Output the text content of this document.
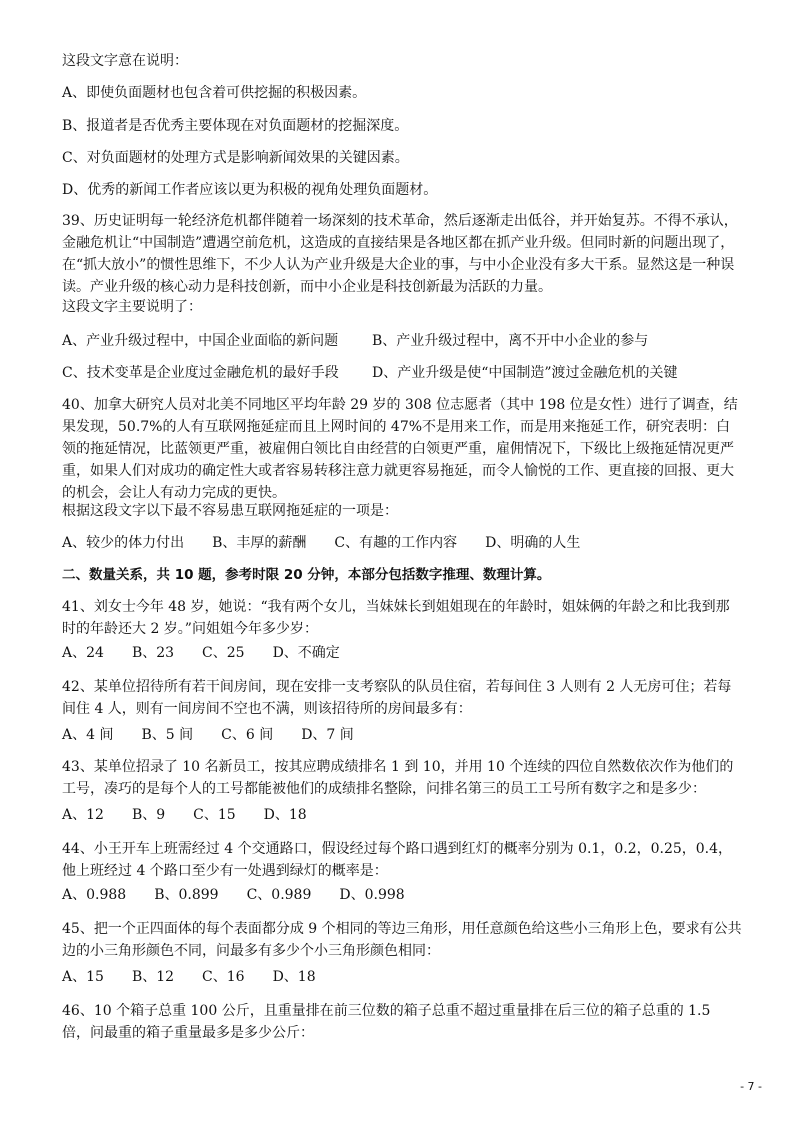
这段文字意在说明：

A、即使负面题材也包含着可供挖掘的积极因素。

B、报道者是否优秀主要体现在对负面题材的挖掘深度。

C、对负面题材的处理方式是影响新闻效果的关键因素。

D、优秀的新闻工作者应该以更为积极的视角处理负面题材。

39、历史证明每一轮经济危机都伴随着一场深刻的技术革命，然后逐渐走出低谷，并开始复苏。不得不承认，金融危机让“中国制造”遭遇空前危机，这造成的直接结果是各地区都在抓产业升级。但同时新的问题出现了，在“抓大放小”的惯性思维下，不少人认为产业升级是大企业的事，与中小企业没有多大干系。显然这是一种误读。产业升级的核心动力是科技创新，而中小企业是科技创新最为活跃的力量。

这段文字主要说明了：

A、产业升级过程中，中国企业面临的新问题	B、产业升级过程中，离不开中小企业的参与
C、技术变革是企业度过金融危机的最好手段	D、产业升级是使“中国制造”渡过金融危机的关键

40、加拿大研究人员对北美不同地区平均年龄 29 岁的 308 位志愿者（其中 198 位是女性）进行了调查，结果发现，50.7%的人有互联网拖延症而且上网时间的 47%不是用来工作，而是用来拖延工作，研究表明：白领的拖延情况，比蓝领更严重，被雇佣白领比自由经营的白领更严重，雇佣情况下，下级比上级拖延情况更严重，如果人们对成功的确定性大或者容易转移注意力就更容易拖延，而令人愉悦的工作、更直接的回报、更大的机会，会让人有动力完成的更快。

根据这段文字以下最不容易患互联网拖延症的一项是：

A、较少的体力付出 B、丰厚的薪酬 C、有趣的工作内容 D、明确的人生

二、数量关系，共 10 题，参考时限 20 分钟，本部分包括数字推理、数理计算。

41、刘女士今年 48 岁，她说：“我有两个女儿，当妹妹长到姐姐现在的年龄时，姐妹俩的年龄之和比我到那时的年龄还大 2 岁。”问姐姐今年多少岁：

A、24 B、23 C、25 D、不确定

42、某单位招待所有若干间房间，现在安排一支考察队的队员住宿，若每间住 3 人则有 2 人无房可住；若每间住 4 人，则有一间房间不空也不满，则该招待所的房间最多有：

A、4 间 B、5 间 C、6 间 D、7 间

43、某单位招录了 10 名新员工，按其应聘成绩排名 1 到 10，并用 10 个连续的四位自然数依次作为他们的工号，凑巧的是每个人的工号都能被他们的成绩排名整除，问排名第三的员工工号所有数字之和是多少：

A、12 B、9 C、15 D、18

44、小王开车上班需经过 4 个交通路口，假设经过每个路口遇到红灯的概率分别为 0.1，0.2，0.25，0.4，他上班经过 4 个路口至少有一处遇到绿灯的概率是：

A、0.988 B、0.899 C、0.989 D、0.998

45、把一个正四面体的每个表面都分成 9 个相同的等边三角形，用任意颜色给这些小三角形上色，要求有公共边的小三角形颜色不同，问最多有多少个小三角形颜色相同：

A、15 B、12 C、16 D、18

46、10 个箱子总重 100 公斤，且重量排在前三位数的箱子总重不超过重量排在后三位的箱子总重的 1.5 倍，问最重的箱子重量最多是多少公斤：

- 7 -
